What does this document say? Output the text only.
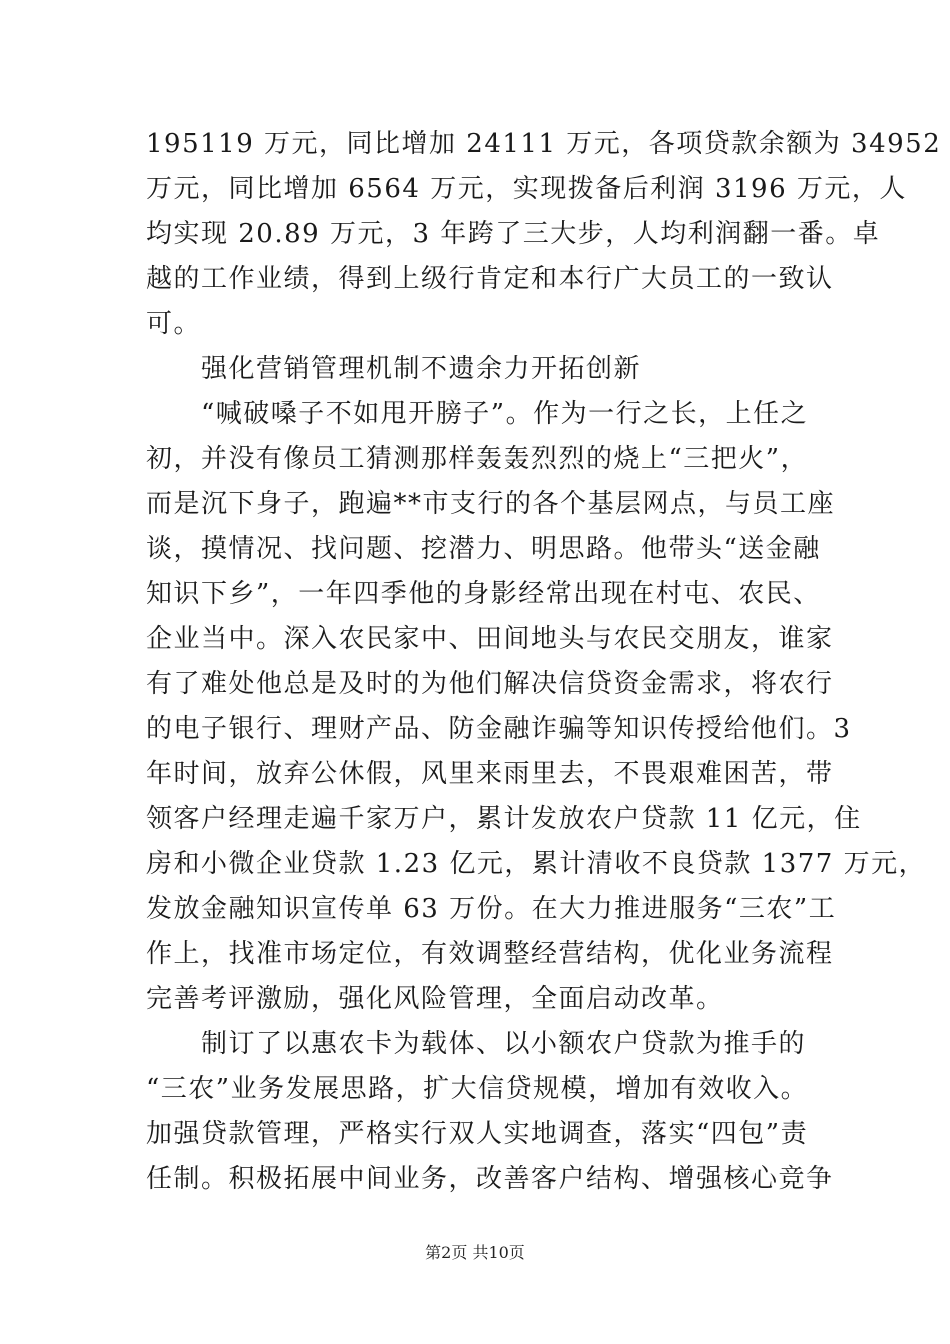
195119 万元，同比增加 24111 万元，各项贷款余额为 34952
万元，同比增加 6564 万元，实现拨备后利润 3196 万元，人
均实现 20.89 万元，3 年跨了三大步，人均利润翻一番。卓
越的工作业绩，得到上级行肯定和本行广大员工的一致认
可。
　　强化营销管理机制不遗余力开拓创新
　　“喊破嗓子不如甩开膀子”。作为一行之长，上任之
初，并没有像员工猜测那样轰轰烈烈的烧上“三把火”，
而是沉下身子，跑遍**市支行的各个基层网点，与员工座
谈，摸情况、找问题、挖潜力、明思路。他带头“送金融
知识下乡”，一年四季他的身影经常出现在村屯、农民、
企业当中。深入农民家中、田间地头与农民交朋友，谁家
有了难处他总是及时的为他们解决信贷资金需求，将农行
的电子银行、理财产品、防金融诈骗等知识传授给他们。3
年时间，放弃公休假，风里来雨里去，不畏艰难困苦，带
领客户经理走遍千家万户，累计发放农户贷款 11 亿元，住
房和小微企业贷款 1.23 亿元，累计清收不良贷款 1377 万元，
发放金融知识宣传单 63 万份。在大力推进服务“三农”工
作上，找准市场定位，有效调整经营结构，优化业务流程
完善考评激励，强化风险管理，全面启动改革。
　　制订了以惠农卡为载体、以小额农户贷款为推手的
“三农”业务发展思路，扩大信贷规模，增加有效收入。
加强贷款管理，严格实行双人实地调查，落实“四包”责
任制。积极拓展中间业务，改善客户结构、增强核心竞争
第2页 共10页
